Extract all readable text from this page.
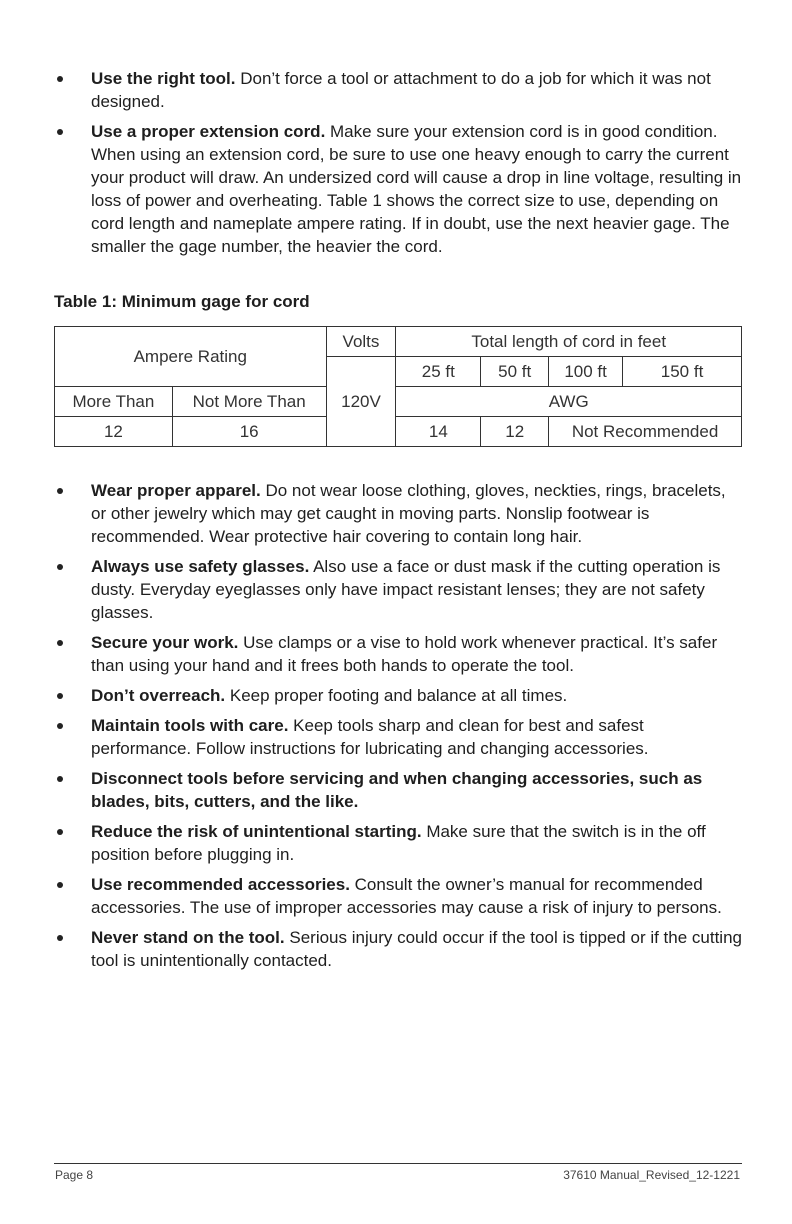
Use the right tool. Don’t force a tool or attachment to do a job for which it was not designed.
Use a proper extension cord. Make sure your extension cord is in good condition. When using an extension cord, be sure to use one heavy enough to carry the current your product will draw. An undersized cord will cause a drop in line voltage, resulting in loss of power and overheating. Table 1 shows the correct size to use, depending on cord length and nameplate ampere rating. If in doubt, use the next heavier gage. The smaller the gage number, the heavier the cord.
Table 1: Minimum gage for cord
Ampere Rating		Volts	Total length of cord in feet			
		120V	25 ft	50 ft	100 ft	150 ft
More Than	Not More Than		AWG			
12	16		14	12	Not Recommended	
Wear proper apparel. Do not wear loose clothing, gloves, neckties, rings, bracelets, or other jewelry which may get caught in moving parts. Nonslip footwear is recommended. Wear protective hair covering to contain long hair.
Always use safety glasses. Also use a face or dust mask if the cutting operation is dusty. Everyday eyeglasses only have impact resistant lenses; they are not safety glasses.
Secure your work. Use clamps or a vise to hold work whenever practical. It’s safer than using your hand and it frees both hands to operate the tool.
Don’t overreach. Keep proper footing and balance at all times.
Maintain tools with care. Keep tools sharp and clean for best and safest performance. Follow instructions for lubricating and changing accessories.
Disconnect tools before servicing and when changing accessories, such as blades, bits, cutters, and the like.
Reduce the risk of unintentional starting. Make sure that the switch is in the off position before plugging in.
Use recommended accessories. Consult the owner’s manual for recommended accessories. The use of improper accessories may cause a risk of injury to persons.
Never stand on the tool. Serious injury could occur if the tool is tipped or if the cutting tool is unintentionally contacted.
Page 8	37610 Manual_Revised_12-1221
